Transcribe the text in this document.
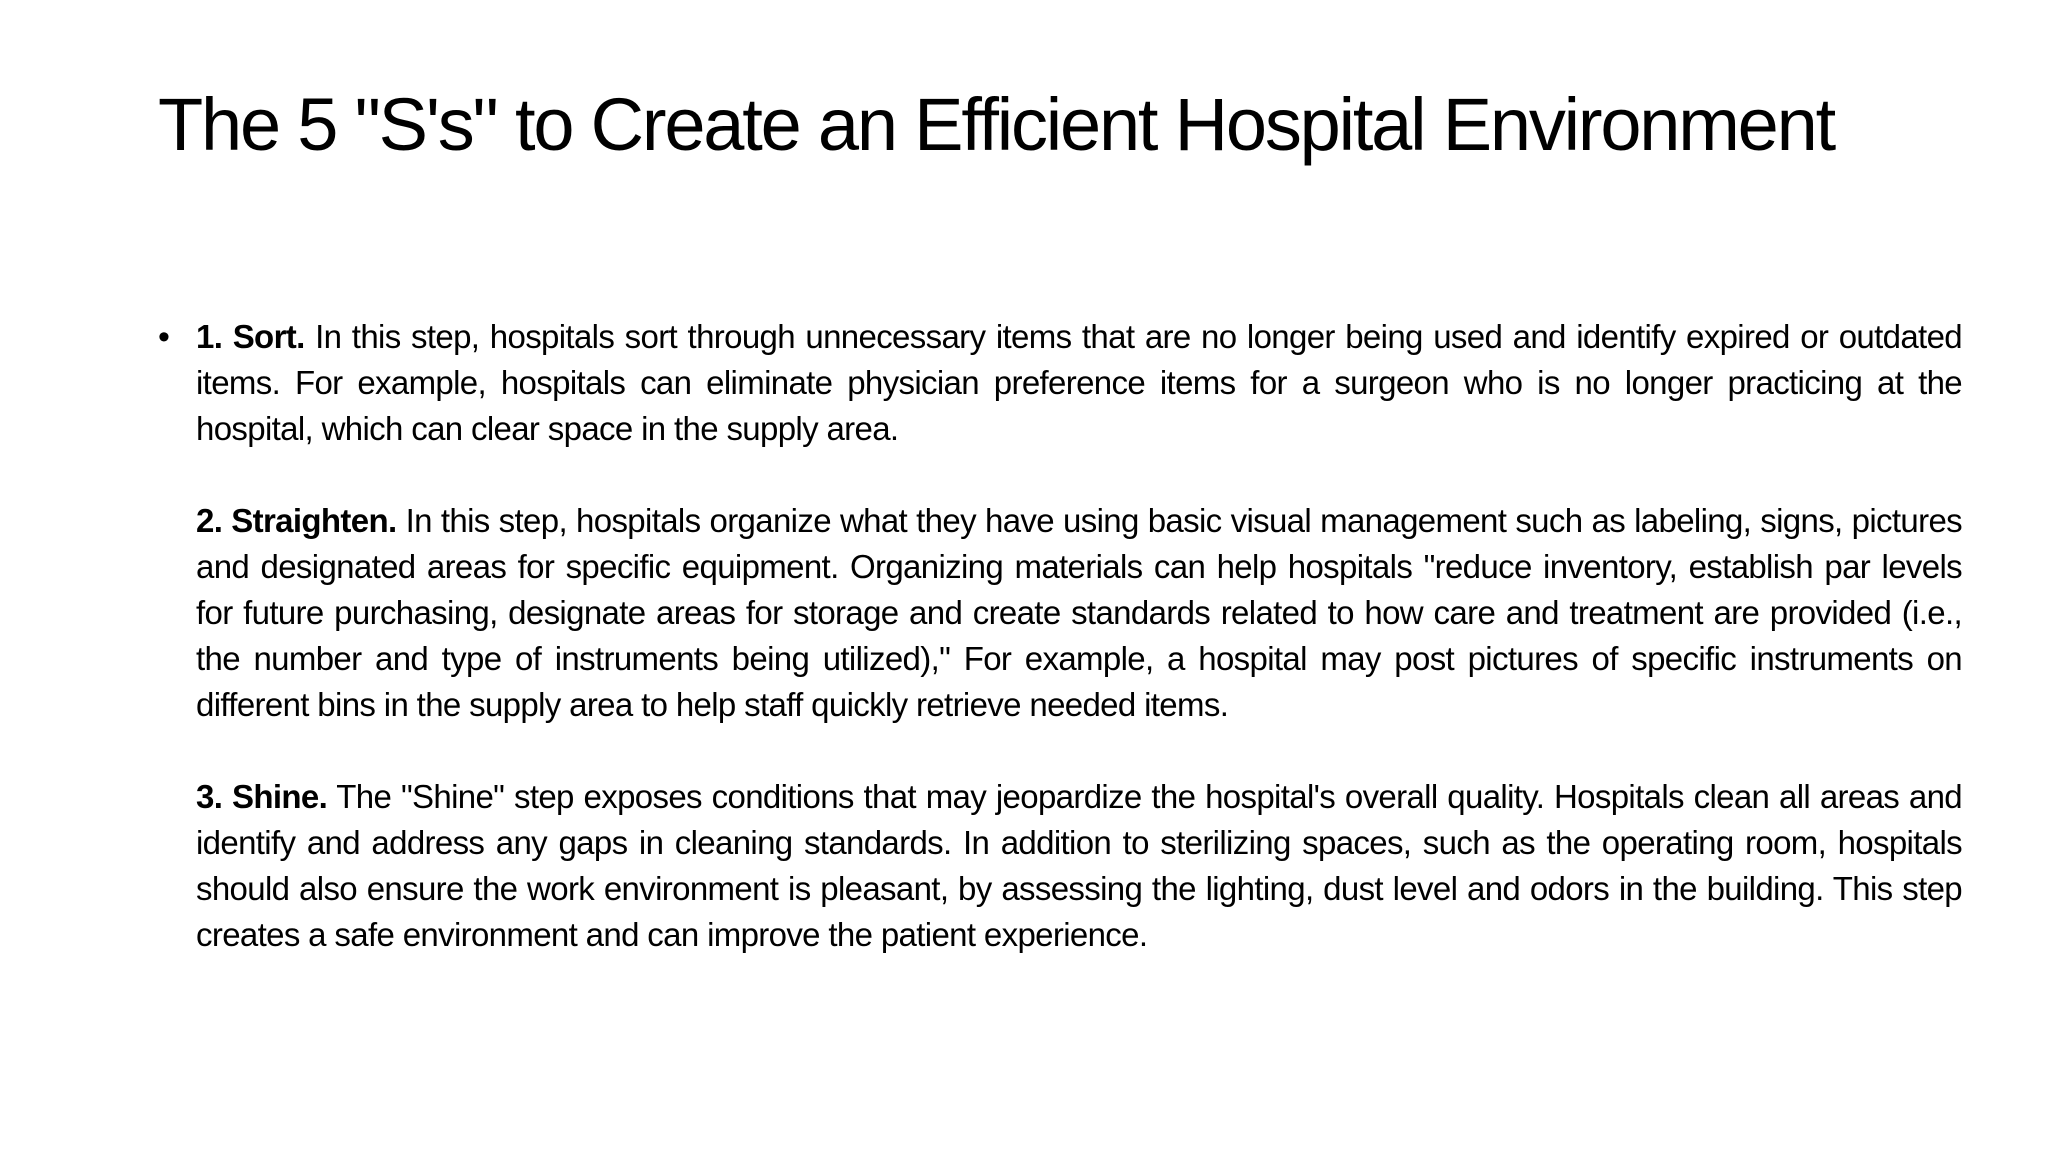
The 5 "S's" to Create an Efficient Hospital Environment
• 1. Sort. In this step, hospitals sort through unnecessary items that are no longer being used and identify expired or outdated items. For example, hospitals can eliminate physician preference items for a surgeon who is no longer practicing at the hospital, which can clear space in the supply area.

2. Straighten. In this step, hospitals organize what they have using basic visual management such as labeling, signs, pictures and designated areas for specific equipment. Organizing materials can help hospitals "reduce inventory, establish par levels for future purchasing, designate areas for storage and create standards related to how care and treatment are provided (i.e., the number and type of instruments being utilized)," For example, a hospital may post pictures of specific instruments on different bins in the supply area to help staff quickly retrieve needed items.

3. Shine. The "Shine" step exposes conditions that may jeopardize the hospital's overall quality. Hospitals clean all areas and identify and address any gaps in cleaning standards. In addition to sterilizing spaces, such as the operating room, hospitals should also ensure the work environment is pleasant, by assessing the lighting, dust level and odors in the building. This step creates a safe environment and can improve the patient experience.
